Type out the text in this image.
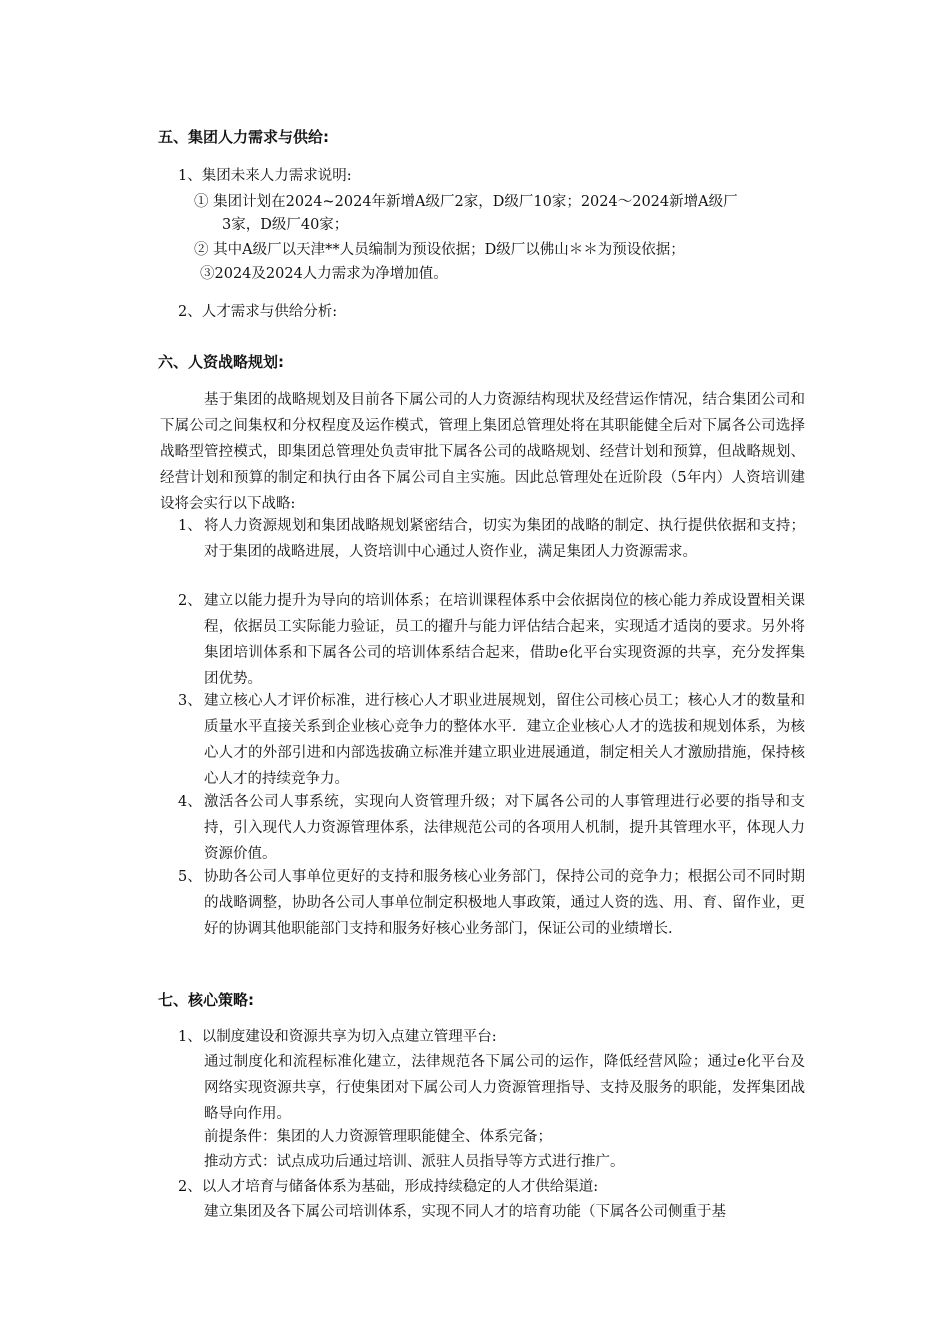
五、集团人力需求与供给:
1、集团未来人力需求说明:
① 集团计划在2024~2024年新增A级厂2家，D级厂10家；2024～2024新增A级厂
3家，D级厂40家；
② 其中A级厂以天津**人员编制为预设依据；D级厂以佛山＊＊为预设依据；
③2024及2024人力需求为净增加值。
2、人才需求与供给分析:
六、人资战略规划:
基于集团的战略规划及目前各下属公司的人力资源结构现状及经营运作情况，结合集团公司和下属公司之间集权和分权程度及运作模式，管理上集团总管理处将在其职能健全后对下属各公司选择战略型管控模式，即集团总管理处负责审批下属各公司的战略规划、经营计划和预算，但战略规划、经营计划和预算的制定和执行由各下属公司自主实施。因此总管理处在近阶段（5年内）人资培训建设将会实行以下战略:
1、 将人力资源规划和集团战略规划紧密结合，切实为集团的战略的制定、执行提供依据和支持；对于集团的战略进展，人资培训中心通过人资作业，满足集团人力资源需求。
2、 建立以能力提升为导向的培训体系；在培训课程体系中会依据岗位的核心能力养成设置相关课程，依据员工实际能力验证，员工的擢升与能力评估结合起来，实现适才适岗的要求。另外将集团培训体系和下属各公司的培训体系结合起来，借助e化平台实现资源的共享，充分发挥集团优势。
3、 建立核心人才评价标准，进行核心人才职业进展规划，留住公司核心员工；核心人才的数量和质量水平直接关系到企业核心竞争力的整体水平．建立企业核心人才的选拔和规划体系，为核心人才的外部引进和内部选拔确立标准并建立职业进展通道，制定相关人才激励措施，保持核心人才的持续竞争力。
4、 激活各公司人事系统，实现向人资管理升级；对下属各公司的人事管理进行必要的指导和支持，引入现代人力资源管理体系，法律规范公司的各项用人机制，提升其管理水平，体现人力资源价值。
5、 协助各公司人事单位更好的支持和服务核心业务部门，保持公司的竞争力；根据公司不同时期的战略调整，协助各公司人事单位制定积极地人事政策，通过人资的选、用、育、留作业，更好的协调其他职能部门支持和服务好核心业务部门，保证公司的业绩增长.
七、核心策略:
1、以制度建设和资源共享为切入点建立管理平台:
通过制度化和流程标准化建立，法律规范各下属公司的运作，降低经营风险；通过e化平台及网络实现资源共享，行使集团对下属公司人力资源管理指导、支持及服务的职能，发挥集团战略导向作用。
前提条件：集团的人力资源管理职能健全、体系完备；
推动方式：试点成功后通过培训、派驻人员指导等方式进行推广。
2、以人才培育与储备体系为基础，形成持续稳定的人才供给渠道:
建立集团及各下属公司培训体系，实现不同人才的培育功能（下属各公司侧重于基
